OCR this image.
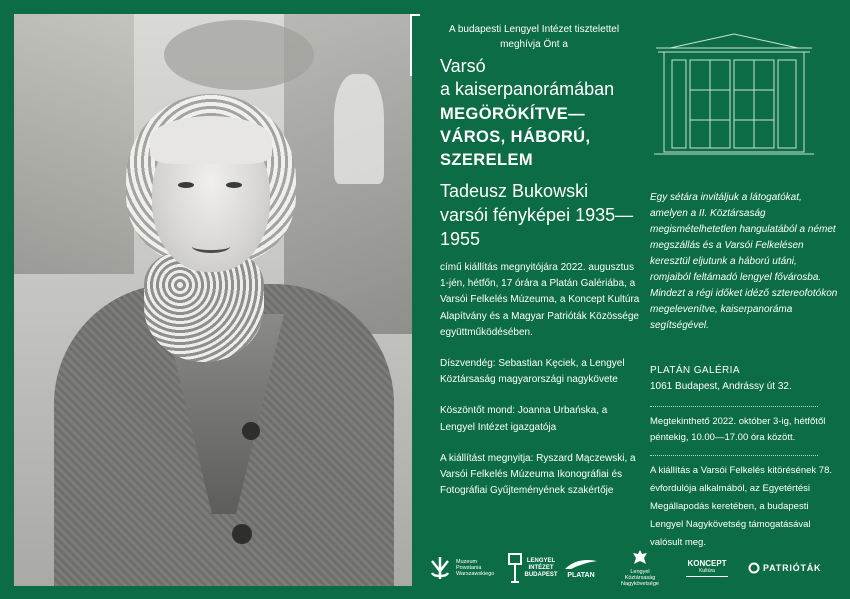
A budapesti Lengyel Intézet tisztelettel meghívja Önt a
Varsó
a kaiserpanorámában
MEGÖRÖKÍTVE— VÁROS, HÁBORÚ, SZERELEM
Tadeusz Bukowski varsói fényképei 1935—1955

című kiállítás megnyitójára 2022. augusztus 1-jén, hétfőn, 17 órára a Platán Galériába, a Varsói Felkelés Múzeuma, a Koncept Kultúra Alapítvány és a Magyar Patrióták Közössége együttműködésében.

Díszvendég: Sebastian Kęciek, a Lengyel Köztársaság magyarországi nagykövete

Köszöntőt mond: Joanna Urbańska, a Lengyel Intézet igazgatója

A kiállítást megnyitja: Ryszard Mączewski, a Varsói Felkelés Múzeuma Ikonográfiai és Fotográfiai Gyűjteményének szakértője

Egy sétára invitáljuk a látogatókat, amelyen a II. Köztársaság megismételhetetlen hangulatából a német megszállás és a Varsói Felkelésen keresztül eljutunk a háború utáni, romjaiból feltámadó lengyel fővárosba. Mindezt a régi időket idéző sztereofotókon megelevenítve, kaiserpanoráma segítségével.
PLATÁN GALÉRIA
1061 Budapest, Andrássy út 32.
Megtekinthető 2022. október 3-ig, hétfőtől péntekig, 10.00—17.00 óra között.
A kiállítás a Varsói Felkelés kitörésének 78. évfordulója alkalmából, az Egyetértési Megállapodás keretében, a budapesti Lengyel Nagykövetség támogatásával valósult meg.
Muzeum Powstania Warszawskiego
LENGYEL INTÉZET BUDAPEST PLATAN	Lengyel Köztársaság Nagykövetsége
KONCEPT
Kultúra	PATRIÓTÁK
